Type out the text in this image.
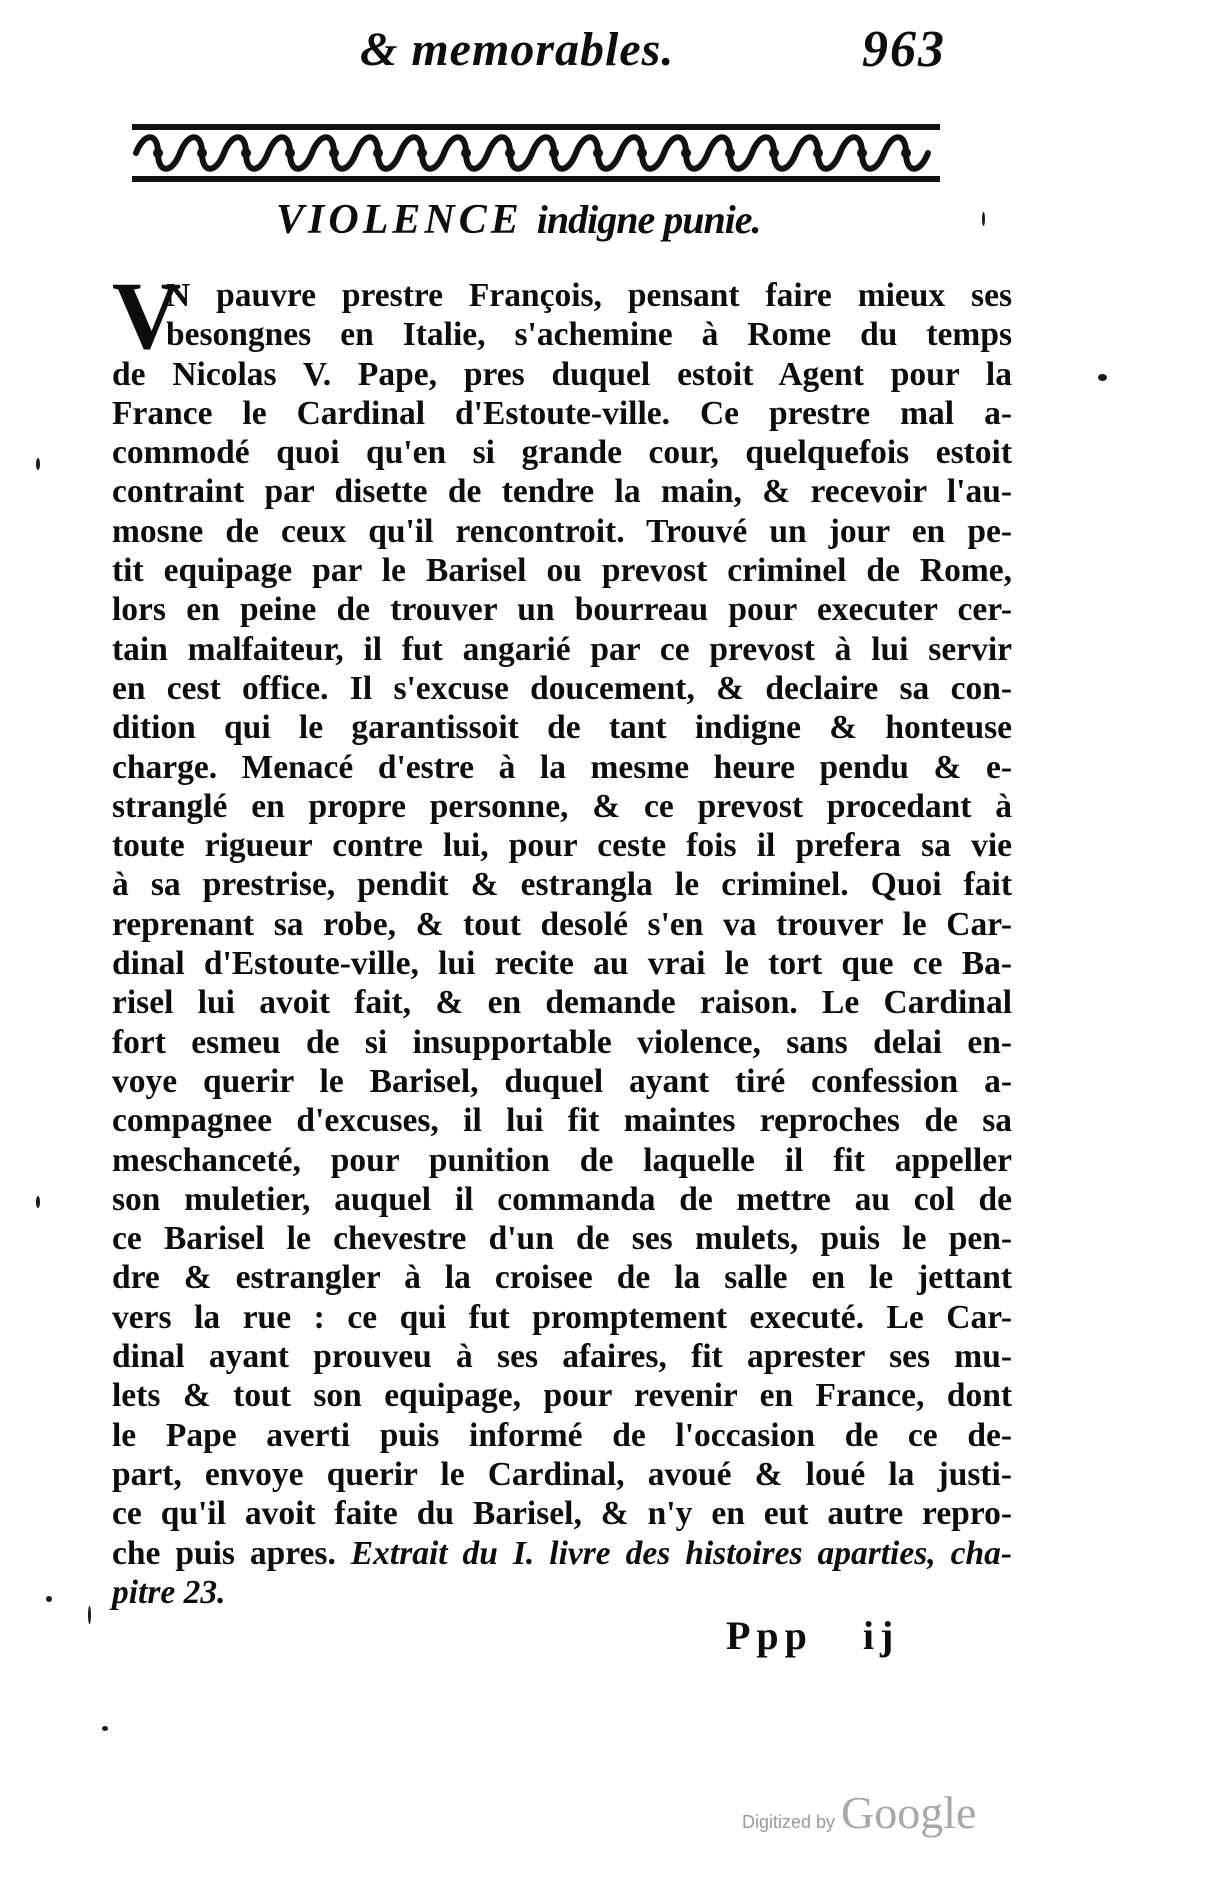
& memorables.	963
VIOLENCE indigne punie.
V
N pauvre prestre François, pensant faire mieux ses
besongnes en Italie, s'achemine à Rome du temps
de Nicolas V. Pape, pres duquel estoit Agent pour la
France le Cardinal d'Estoute-ville. Ce prestre mal a-
commodé quoi qu'en si grande cour, quelquefois estoit
contraint par disette de tendre la main, & recevoir l'au-
mosne de ceux qu'il rencontroit. Trouvé un jour en pe-
tit equipage par le Barisel ou prevost criminel de Rome,
lors en peine de trouver un bourreau pour executer cer-
tain malfaiteur, il fut angarié par ce prevost à lui servir
en cest office. Il s'excuse doucement, & declaire sa con-
dition qui le garantissoit de tant indigne & honteuse
charge. Menacé d'estre à la mesme heure pendu & e-
stranglé en propre personne, & ce prevost procedant à
toute rigueur contre lui, pour ceste fois il prefera sa vie
à sa prestrise, pendit & estrangla le criminel. Quoi fait
reprenant sa robe, & tout desolé s'en va trouver le Car-
dinal d'Estoute-ville, lui recite au vrai le tort que ce Ba-
risel lui avoit fait, & en demande raison. Le Cardinal
fort esmeu de si insupportable violence, sans delai en-
voye querir le Barisel, duquel ayant tiré confession a-
compagnee d'excuses, il lui fit maintes reproches de sa
meschanceté, pour punition de laquelle il fit appeller
son muletier, auquel il commanda de mettre au col de
ce Barisel le chevestre d'un de ses mulets, puis le pen-
dre & estrangler à la croisee de la salle en le jettant
vers la rue : ce qui fut promptement executé. Le Car-
dinal ayant prouveu à ses afaires, fit aprester ses mu-
lets & tout son equipage, pour revenir en France, dont
le Pape averti puis informé de l'occasion de ce de-
part, envoye querir le Cardinal, avoué & loué la justi-
ce qu'il avoit faite du Barisel, & n'y en eut autre repro-
che puis apres. Extrait du I. livre des histoires aparties, cha-
pitre 23.
Ppp ij
Digitized by Google
